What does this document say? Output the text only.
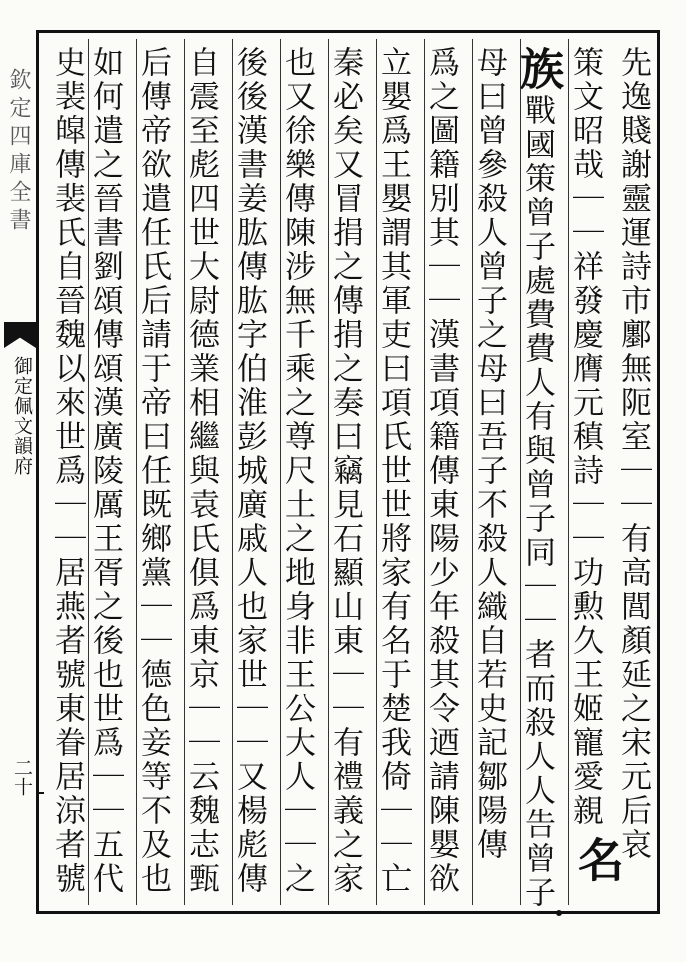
欽定四庫全書
御定佩文韻府
二十	先逸賤謝靈運詩市鄽無阨室｜｜有高閭顏延之宋元后哀
策文昭哉｜｜祥發慶膺元稹詩｜｜功勲久王姬寵愛親
族戰國策曾子處費費人有與曾子同｜｜者而殺人人告曾子
母曰曾參殺人曾子之母曰吾子不殺人織自若史記鄒陽傳
爲之圖籍別其｜｜漢書項籍傳東陽少年殺其令迺請陳嬰欲
立嬰爲王嬰謂其軍吏曰項氏世世將家有名于楚我倚｜｜亡
秦必矣又冒捐之傳捐之奏曰竊見石顯山東｜｜有禮義之家
也又徐樂傳陳涉無千乘之尊尺土之地身非王公大人｜｜之
後後漢書姜肱傳肱字伯淮彭城廣戚人也家世｜｜又楊彪傳
自震至彪四世大尉德業相繼與袁氏俱爲東京｜｜云魏志甄
后傳帝欲遣任氏后請于帝曰任既鄉黨｜｜德色妾等不及也
如何遣之晉書劉頌傳頌漢廣陵厲王胥之後也世爲｜｜五代
史裴皡傳裴氏自晉魏以來世爲｜｜居燕者號東眷居涼者號	名
